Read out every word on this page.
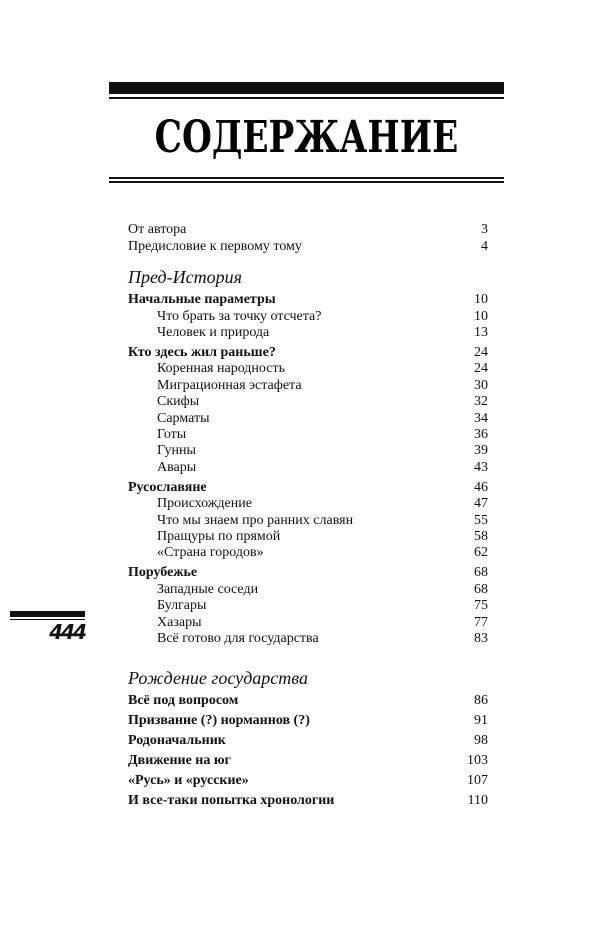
СОДЕРЖАНИЕ
444
От автора	3
Предисловие к первому тому	4
Пред-История
Начальные параметры	10
Что брать за точку отсчета?	10
Человек и природа	13
Кто здесь жил раньше?	24
Коренная народность	24
Миграционная эстафета	30
Скифы	32
Сарматы	34
Готы	36
Гунны	39
Авары	43
Русославяне	46
Происхождение	47
Что мы знаем про ранних славян	55
Пращуры по прямой	58
«Страна городов»	62
Порубежье	68
Западные соседи	68
Булгары	75
Хазары	77
Всё готово для государства	83
Рождение государства
Всё под вопросом	86
Призвание (?) норманнов (?)	91
Родоначальник	98
Движение на юг	103
«Русь» и «русские»	107
И все-таки попытка хронологии	110
